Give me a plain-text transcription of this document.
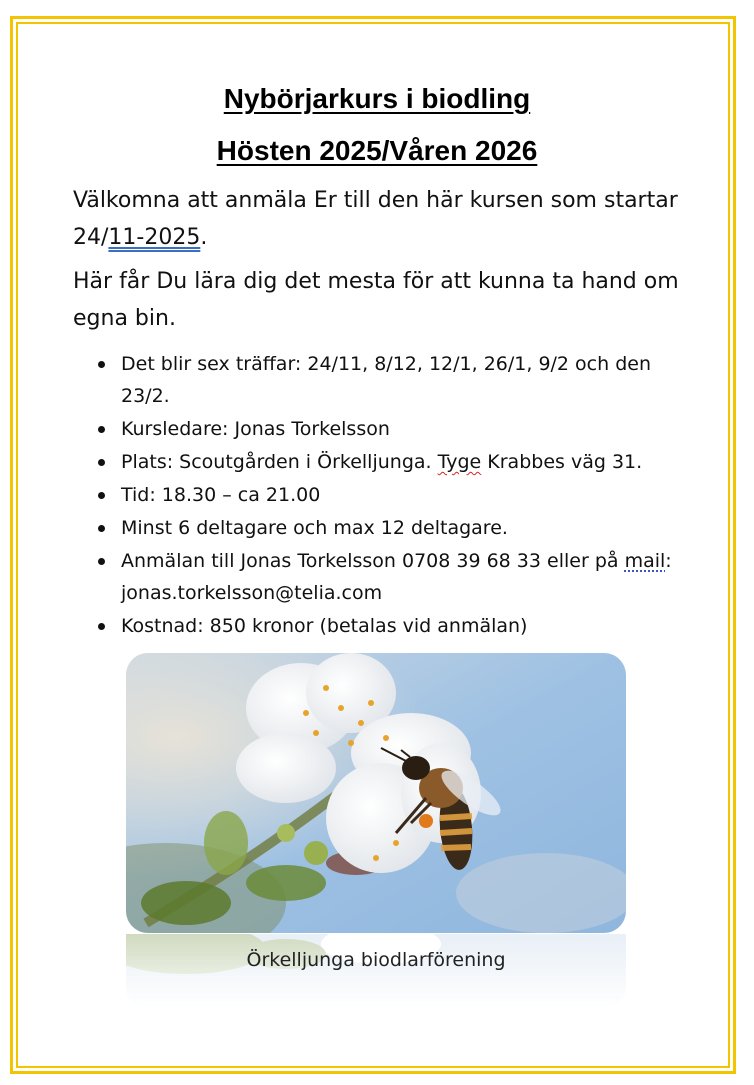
Nybörjarkurs i biodling
Hösten 2025/Våren 2026
Välkomna att anmäla Er till den här kursen som startar 24/11-2025.
Här får Du lära dig det mesta för att kunna ta hand om egna bin.
Det blir sex träffar: 24/11, 8/12, 12/1, 26/1, 9/2 och den 23/2.
Kursledare: Jonas Torkelsson
Plats: Scoutgården i Örkelljunga. Tyge Krabbes väg 31.
Tid: 18.30 – ca 21.00
Minst 6 deltagare och max 12 deltagare.
Anmälan till Jonas Torkelsson 0708 39 68 33 eller på mail: jonas.torkelsson@telia.com
Kostnad: 850 kronor (betalas vid anmälan)
Örkelljunga biodlarförening
